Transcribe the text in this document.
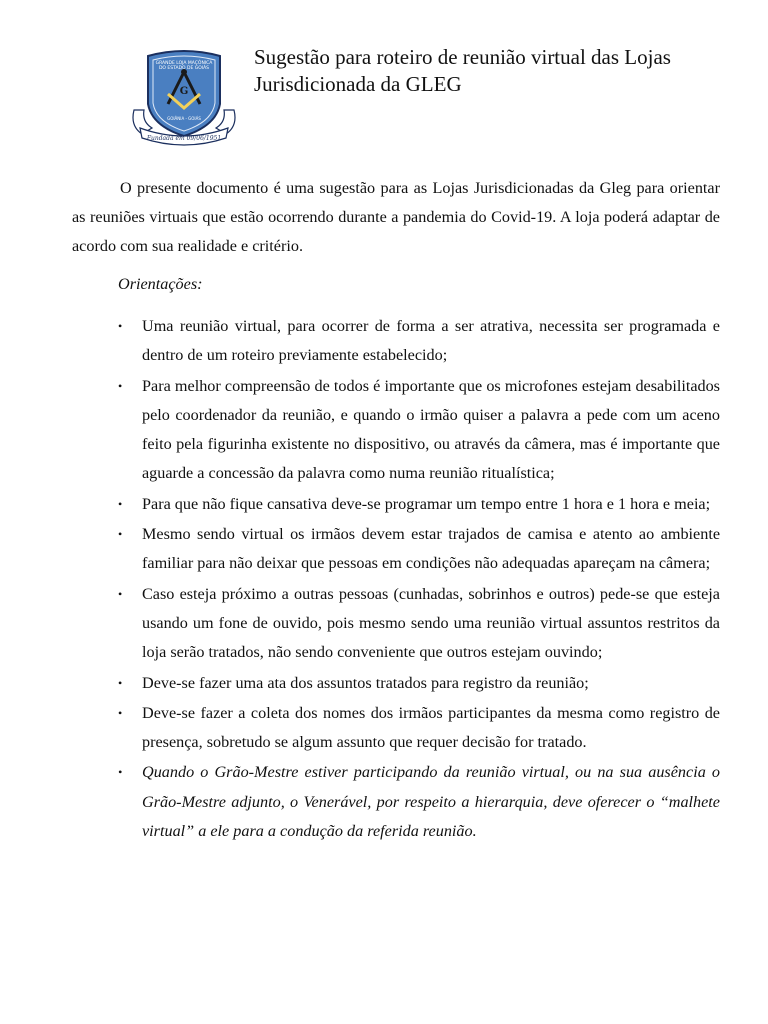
G
GRANDE LOJA MAÇÔNICA
DO ESTADO DE GOIÁS
GOIÂNIA - GOIÁS
Fundada em 09/06/1951
Sugestão para roteiro de reunião virtual das Lojas Jurisdicionada da GLEG

O presente documento é uma sugestão para as Lojas Jurisdicionadas da Gleg para orientar as reuniões virtuais que estão ocorrendo durante a pandemia do Covid-19. A loja poderá adaptar de acordo com sua realidade e critério.

Orientações:

• Uma reunião virtual, para ocorrer de forma a ser atrativa, necessita ser programada e dentro de um roteiro previamente estabelecido;
• Para melhor compreensão de todos é importante que os microfones estejam desabilitados pelo coordenador da reunião, e quando o irmão quiser a palavra a pede com um aceno feito pela figurinha existente no dispositivo, ou através da câmera, mas é importante que aguarde a concessão da palavra como numa reunião ritualística;
• Para que não fique cansativa deve-se programar um tempo entre 1 hora e 1 hora e meia;
• Mesmo sendo virtual os irmãos devem estar trajados de camisa e atento ao ambiente familiar para não deixar que pessoas em condições não adequadas apareçam na câmera;
• Caso esteja próximo a outras pessoas (cunhadas, sobrinhos e outros) pede-se que esteja usando um fone de ouvido, pois mesmo sendo uma reunião virtual assuntos restritos da loja serão tratados, não sendo conveniente que outros estejam ouvindo;
• Deve-se fazer uma ata dos assuntos tratados para registro da reunião;
• Deve-se fazer a coleta dos nomes dos irmãos participantes da mesma como registro de presença, sobretudo se algum assunto que requer decisão for tratado.
• Quando o Grão-Mestre estiver participando da reunião virtual, ou na sua ausência o Grão-Mestre adjunto, o Venerável, por respeito a hierarquia, deve oferecer o “malhete virtual” a ele para a condução da referida reunião.
